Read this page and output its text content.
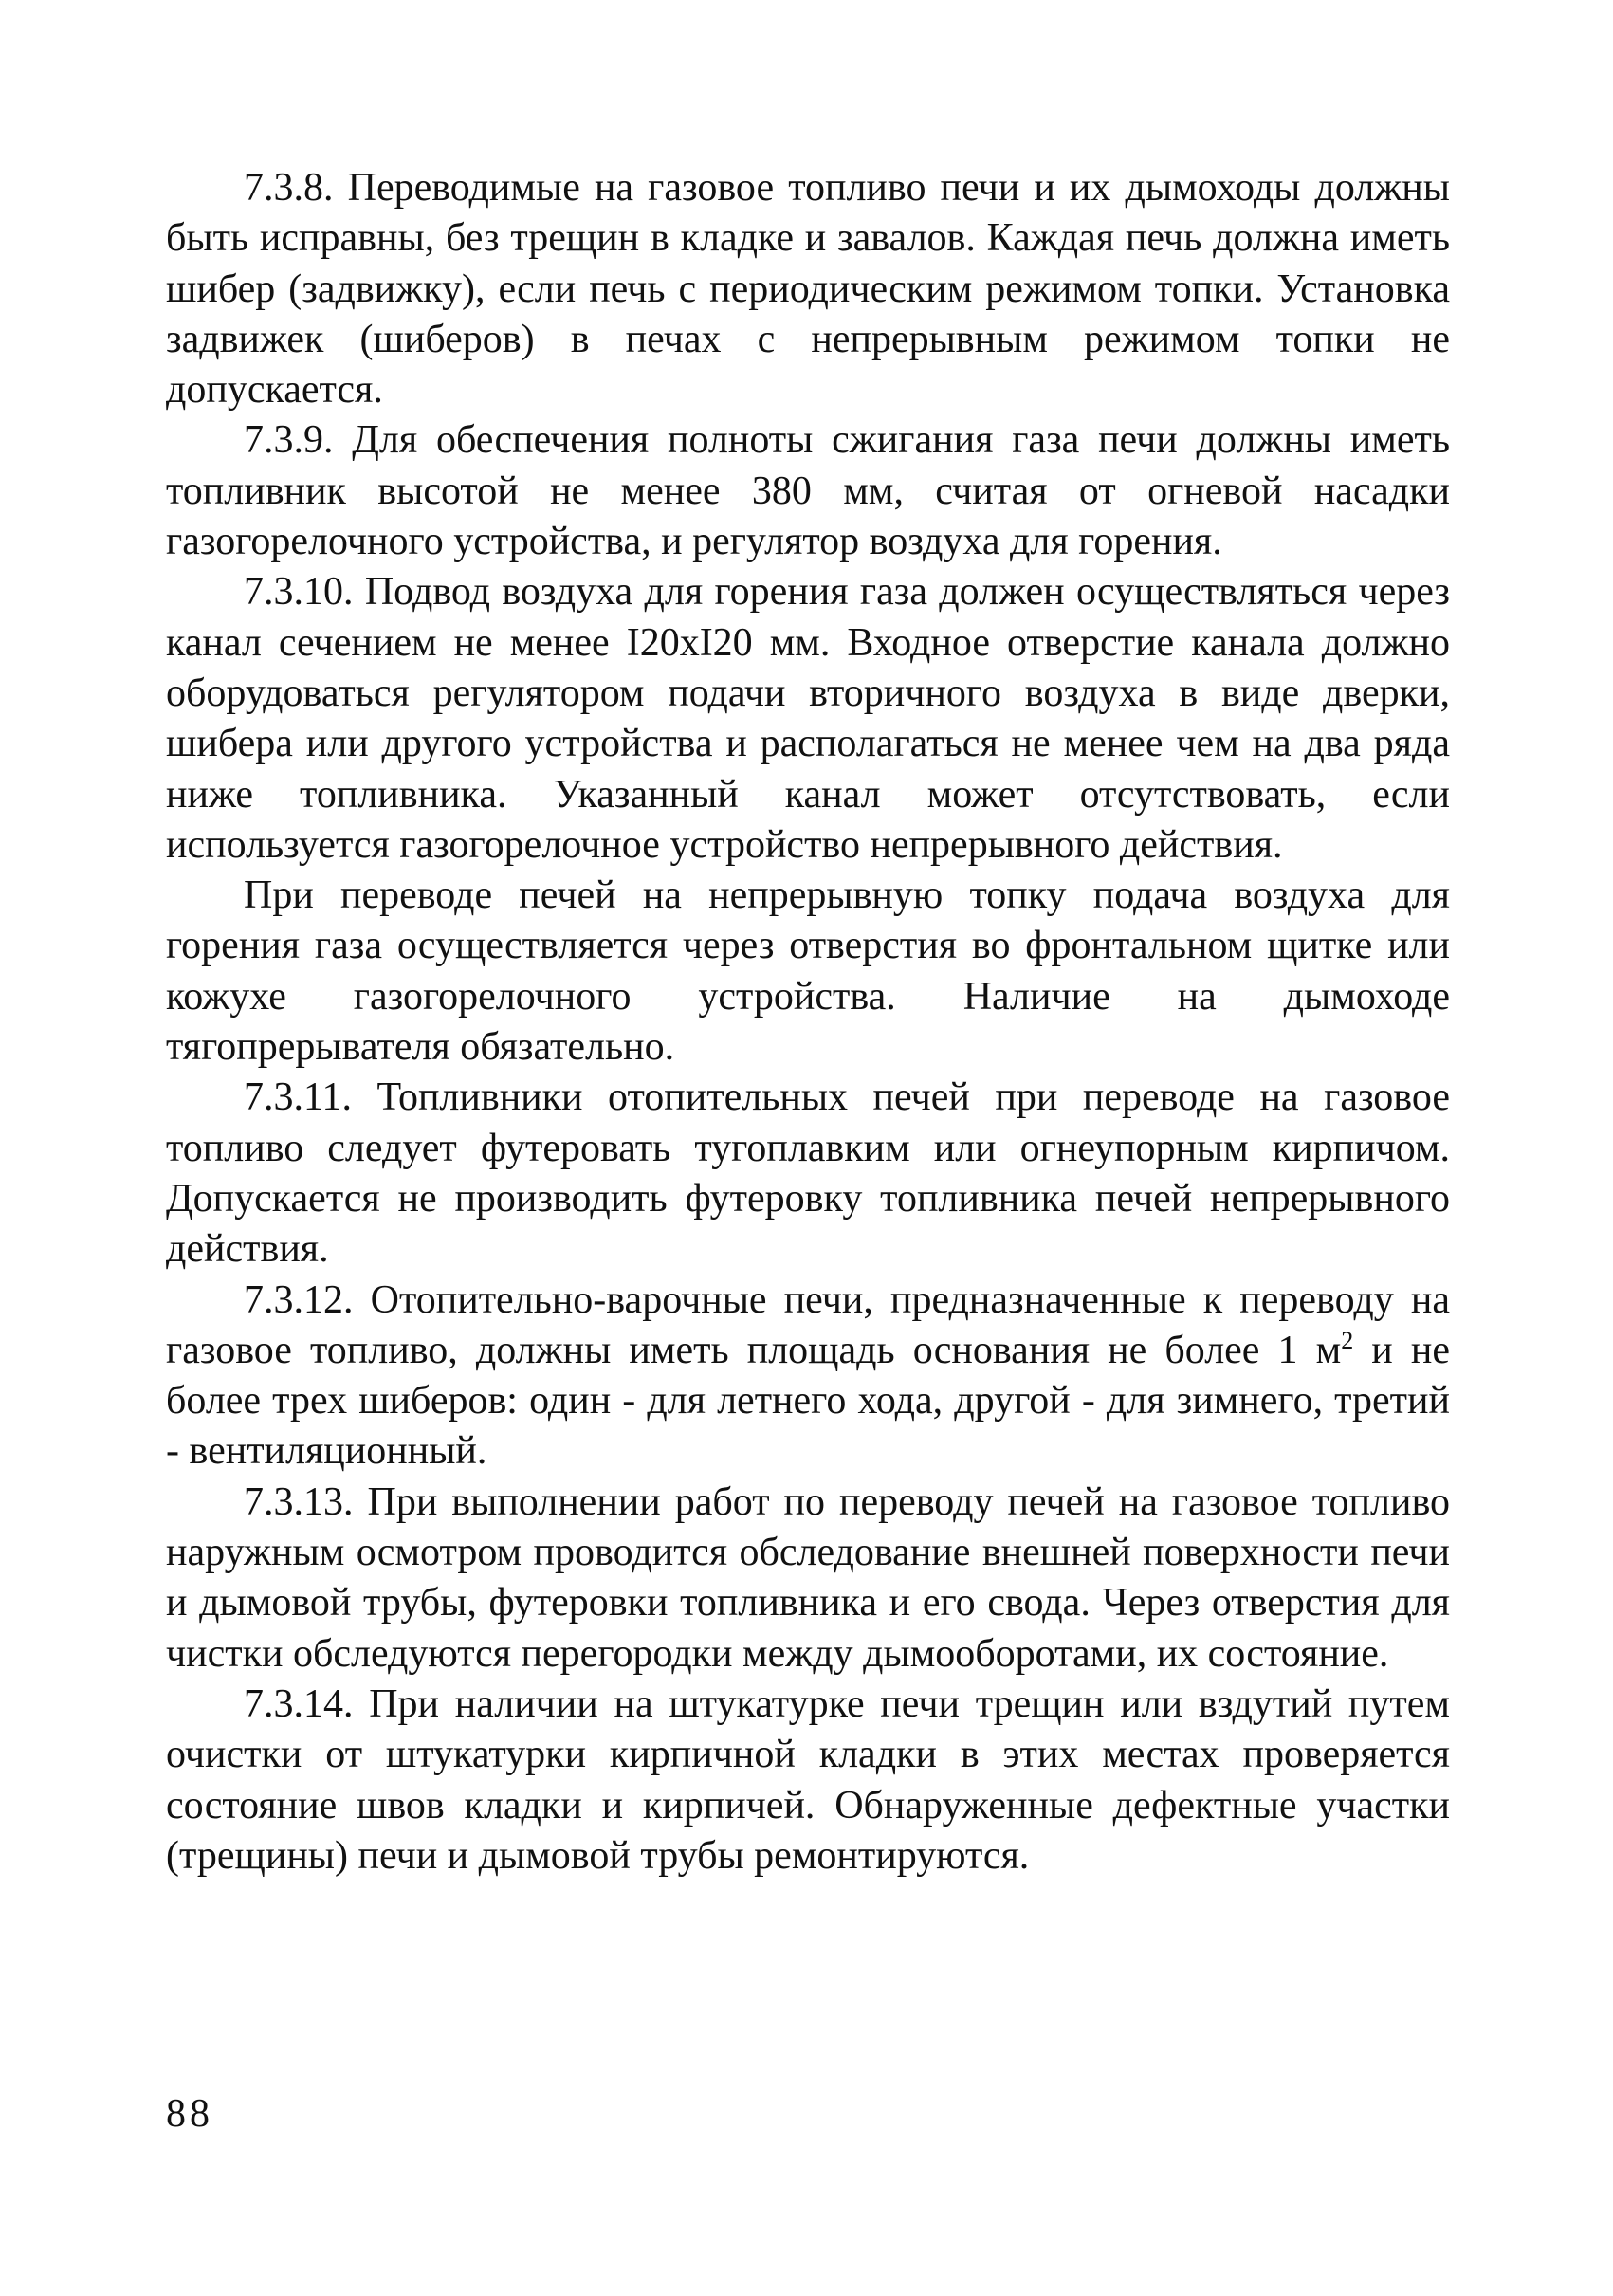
7.3.8. Переводимые на газовое топливо печи и их дымоходы должны быть исправны, без трещин в кладке и завалов. Каждая печь должна иметь шибер (задвижку), если печь с периодическим режимом топки. Установка задвижек (шиберов) в печах с непрерывным режимом топки не допускается.

7.3.9. Для обеспечения полноты сжигания газа печи должны иметь топливник высотой не менее 380 мм, считая от огневой насадки газогорелочного устройства, и регулятор воздуха для горения.

7.3.10. Подвод воздуха для горения газа должен осуществляться через канал сечением не менее I20xI20 мм. Входное отверстие канала должно оборудоваться регулятором подачи вторичного воздуха в виде дверки, шибера или другого устройства и располагаться не менее чем на два ряда ниже топливника. Указанный канал может отсутствовать, если используется газогорелочное устройство непрерывного действия.

При переводе печей на непрерывную топку подача воздуха для горения газа осуществляется через отверстия во фронтальном щитке или кожухе газогорелочного устройства. Наличие на дымоходе тягопрерывателя обязательно.

7.3.11. Топливники отопительных печей при переводе на газовое топливо следует футеровать тугоплавким или огнеупорным кирпичом. Допускается не производить футеровку топливника печей непрерывного действия.

7.3.12. Отопительно-варочные печи, предназначенные к переводу на газовое топливо, должны иметь площадь основания не более 1 $м^2$ и не более трех шиберов: один - для летнего хода, другой - для зимнего, третий - вентиляционный.

7.3.13. При выполнении работ по переводу печей на газовое топливо наружным осмотром проводится обследование внешней поверхности печи и дымовой трубы, футеровки топливника и его свода. Через отверстия для чистки обследуются перегородки между дымооборотами, их состояние.

7.3.14. При наличии на штукатурке печи трещин или вздутий путем очистки от штукатурки кирпичной кладки в этих местах проверяется состояние швов кладки и кирпичей. Обнаруженные дефектные участки (трещины) печи и дымовой трубы ремонтируются.

88
